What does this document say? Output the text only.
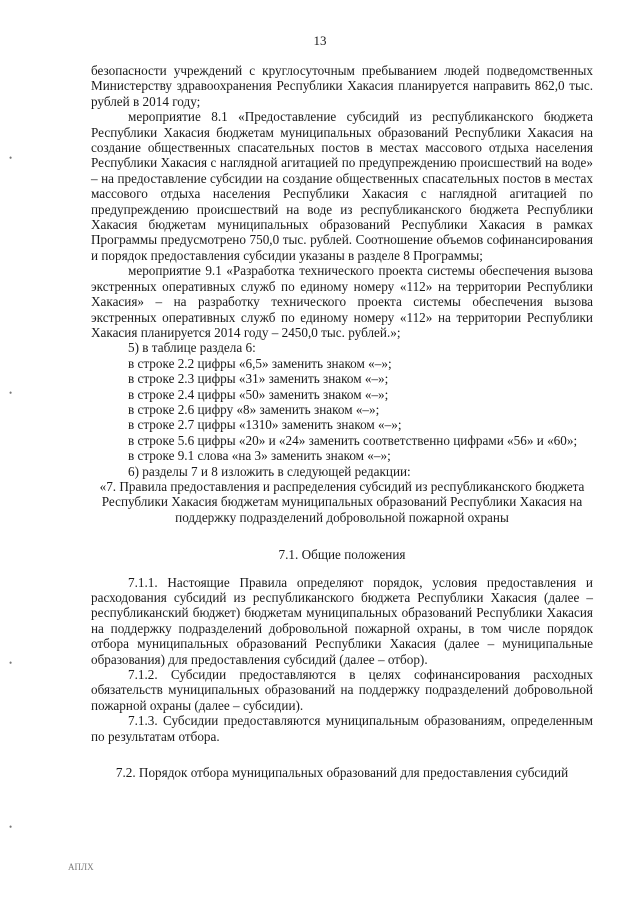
13

безопасности учреждений с круглосуточным пребыванием людей подведомственных Министерству здравоохранения Республики Хакасия планируется направить 862,0 тыс. рублей в 2014 году;

мероприятие 8.1 «Предоставление субсидий из республиканского бюджета Республики Хакасия бюджетам муниципальных образований Республики Хакасия на создание общественных спасательных постов в местах массового отдыха населения Республики Хакасия с наглядной агитацией по предупреждению происшествий на воде» – на предоставление субсидии на создание общественных спасательных постов в местах массового отдыха населения Республики Хакасия с наглядной агитацией по предупреждению происшествий на воде из республиканского бюджета Республики Хакасия бюджетам муниципальных образований Республики Хакасия в рамках Программы предусмотрено 750,0 тыс. рублей. Соотношение объемов софинансирования и порядок предоставления субсидии указаны в разделе 8 Программы;

мероприятие 9.1 «Разработка технического проекта системы обеспечения вызова экстренных оперативных служб по единому номеру «112» на территории Республики Хакасия» – на разработку технического проекта системы обеспечения вызова экстренных оперативных служб по единому номеру «112» на территории Республики Хакасия планируется 2014 году – 2450,0 тыс. рублей.»;

5) в таблице раздела 6:

в строке 2.2 цифры «6,5» заменить знаком «–»;

в строке 2.3 цифры «31» заменить знаком «–»;

в строке 2.4 цифры «50» заменить знаком «–»;

в строке 2.6 цифру «8» заменить знаком «–»;

в строке 2.7 цифры «1310» заменить знаком «–»;

в строке 5.6 цифры «20» и «24» заменить соответственно цифрами «56» и «60»;

в строке 9.1 слова «на 3» заменить знаком «–»;

6) разделы 7 и 8 изложить в следующей редакции:

«7. Правила предоставления и распределения субсидий из республиканского бюджета Республики Хакасия бюджетам муниципальных образований Республики Хакасия на поддержку подразделений добровольной пожарной охраны

7.1. Общие положения

7.1.1. Настоящие Правила определяют порядок, условия предоставления и расходования субсидий из республиканского бюджета Республики Хакасия (далее – республиканский бюджет) бюджетам муниципальных образований Республики Хакасия на поддержку подразделений добровольной пожарной охраны, в том числе порядок отбора муниципальных образований Республики Хакасия (далее – муниципальные образования) для предоставления субсидий (далее – отбор).

7.1.2. Субсидии предоставляются в целях софинансирования расходных обязательств муниципальных образований на поддержку подразделений добровольной пожарной охраны (далее – субсидии).

7.1.3. Субсидии предоставляются муниципальным образованиям, определенным по результатам отбора.

7.2. Порядок отбора муниципальных образований для предоставления субсидий

•
•
•
•
АПЛХ
